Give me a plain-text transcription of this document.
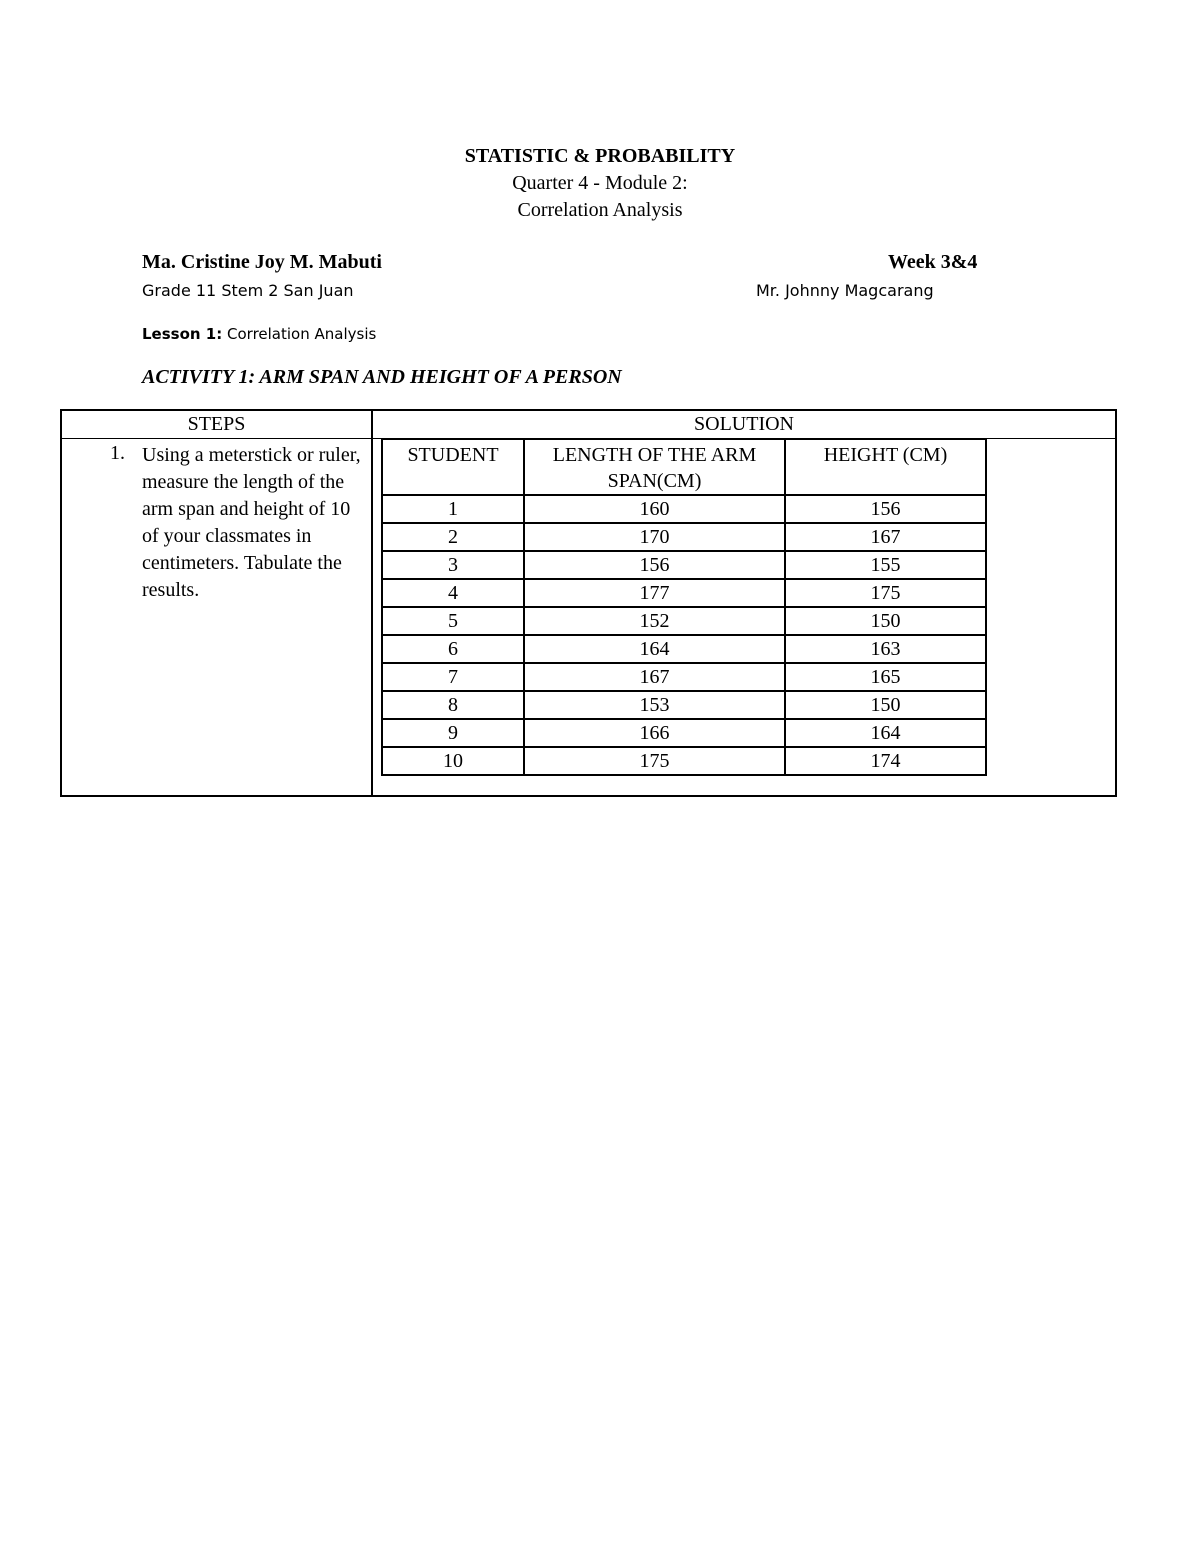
STATISTIC & PROBABILITY
Quarter 4 - Module 2:
Correlation Analysis
Ma. Cristine Joy M. Mabuti	Week 3&4
Grade 11 Stem 2 San Juan	Mr. Johnny Magcarang
Lesson 1: Correlation Analysis
ACTIVITY 1: ARM SPAN AND HEIGHT OF A PERSON
STEPS	SOLUTION
1. Using a meterstick or ruler, measure the length of the arm span and height of 10 of your classmates in centimeters. Tabulate the results.
STUDENT	LENGTH OF THE ARM SPAN(CM)	HEIGHT (CM)
1	160	156
2	170	167
3	156	155
4	177	175
5	152	150
6	164	163
7	167	165
8	153	150
9	166	164
10	175	174
